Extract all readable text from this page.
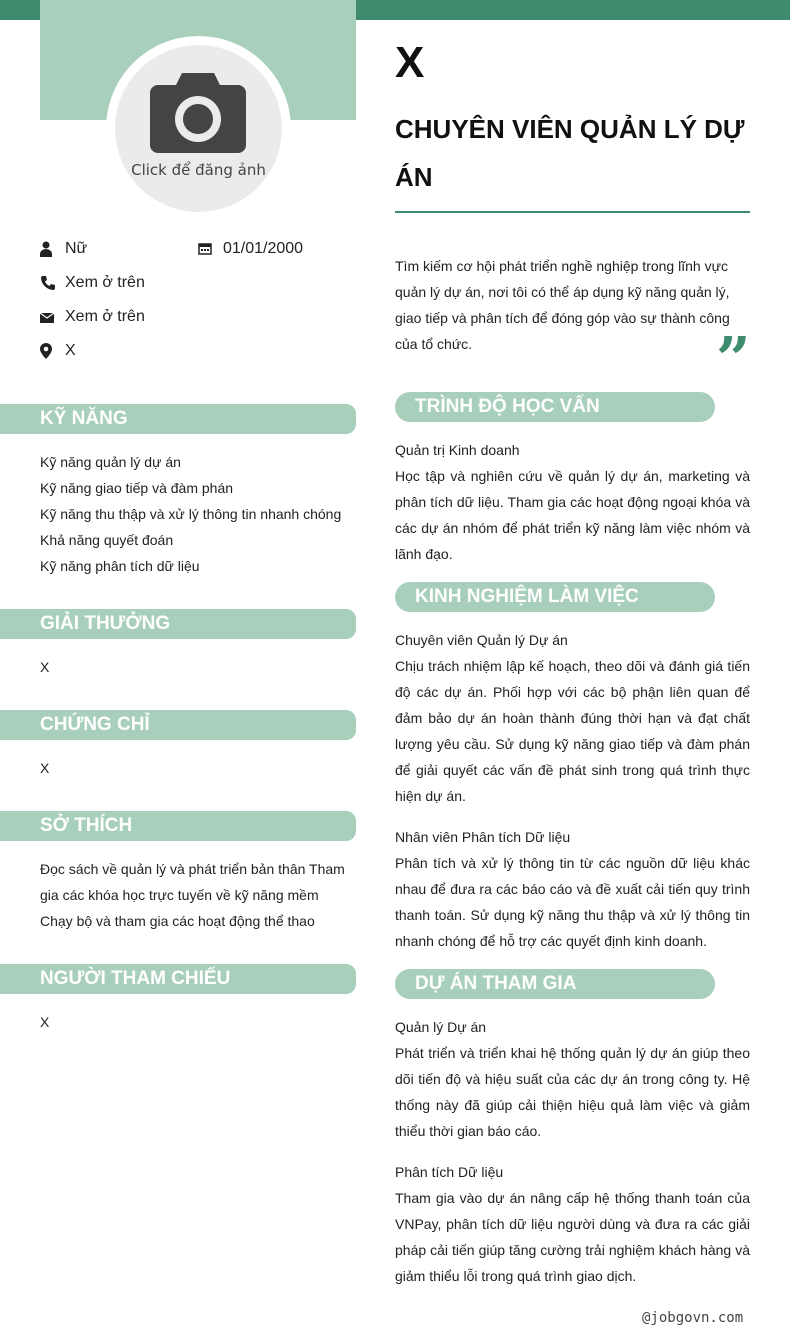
Click để đăng ảnh
Nữ	01/01/2000
Xem ở trên
Xem ở trên
X
KỸ NĂNG
Kỹ năng quản lý dự án
Kỹ năng giao tiếp và đàm phán
Kỹ năng thu thập và xử lý thông tin nhanh chóng
Khả năng quyết đoán
Kỹ năng phân tích dữ liệu
GIẢI THƯỞNG
X
CHỨNG CHỈ
X
SỞ THÍCH
Đọc sách về quản lý và phát triển bản thân Tham gia các khóa học trực tuyến về kỹ năng mềm Chạy bộ và tham gia các hoạt động thể thao
NGƯỜI THAM CHIẾU
X
X
CHUYÊN VIÊN QUẢN LÝ DỰ ÁN
Tìm kiếm cơ hội phát triển nghề nghiệp trong lĩnh vực quản lý dự án, nơi tôi có thể áp dụng kỹ năng quản lý, giao tiếp và phân tích để đóng góp vào sự thành công của tổ chức.	”
TRÌNH ĐỘ HỌC VẤN
Quản trị Kinh doanh
Học tập và nghiên cứu về quản lý dự án, marketing và phân tích dữ liệu. Tham gia các hoạt động ngoại khóa và các dự án nhóm để phát triển kỹ năng làm việc nhóm và lãnh đạo.
KINH NGHIỆM LÀM VIỆC
Chuyên viên Quản lý Dự án
Chịu trách nhiệm lập kế hoạch, theo dõi và đánh giá tiến độ các dự án. Phối hợp với các bộ phận liên quan để đảm bảo dự án hoàn thành đúng thời hạn và đạt chất lượng yêu cầu. Sử dụng kỹ năng giao tiếp và đàm phán để giải quyết các vấn đề phát sinh trong quá trình thực hiện dự án.
Nhân viên Phân tích Dữ liệu
Phân tích và xử lý thông tin từ các nguồn dữ liệu khác nhau để đưa ra các báo cáo và đề xuất cải tiến quy trình thanh toán. Sử dụng kỹ năng thu thập và xử lý thông tin nhanh chóng để hỗ trợ các quyết định kinh doanh.
DỰ ÁN THAM GIA
Quản lý Dự án
Phát triển và triển khai hệ thống quản lý dự án giúp theo dõi tiến độ và hiệu suất của các dự án trong công ty. Hệ thống này đã giúp cải thiện hiệu quả làm việc và giảm thiểu thời gian báo cáo.
Phân tích Dữ liệu
Tham gia vào dự án nâng cấp hệ thống thanh toán của VNPay, phân tích dữ liệu người dùng và đưa ra các giải pháp cải tiến giúp tăng cường trải nghiệm khách hàng và giảm thiểu lỗi trong quá trình giao dịch.
@jobgovn.com
